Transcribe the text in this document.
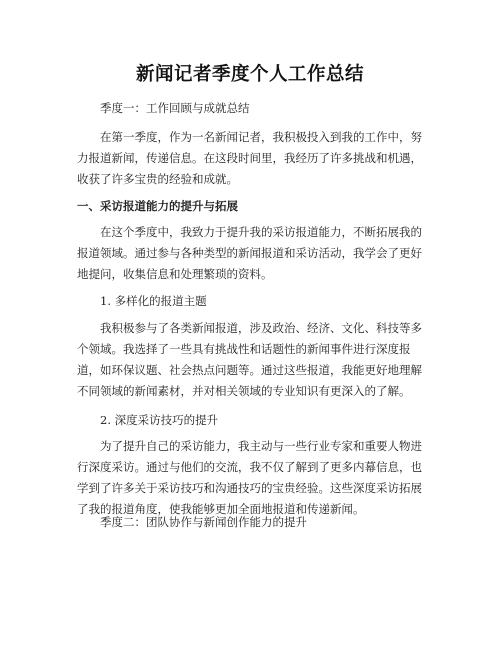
新闻记者季度个人工作总结

季度一：工作回顾与成就总结

在第一季度，作为一名新闻记者，我积极投入到我的工作中，努力报道新闻，传递信息。在这段时间里，我经历了许多挑战和机遇，收获了许多宝贵的经验和成就。

一、采访报道能力的提升与拓展

在这个季度中，我致力于提升我的采访报道能力，不断拓展我的报道领域。通过参与各种类型的新闻报道和采访活动，我学会了更好地提问，收集信息和处理繁琐的资料。

1. 多样化的报道主题

我积极参与了各类新闻报道，涉及政治、经济、文化、科技等多个领域。我选择了一些具有挑战性和话题性的新闻事件进行深度报道，如环保议题、社会热点问题等。通过这些报道，我能更好地理解不同领域的新闻素材，并对相关领域的专业知识有更深入的了解。

2. 深度采访技巧的提升

为了提升自己的采访能力，我主动与一些行业专家和重要人物进行深度采访。通过与他们的交流，我不仅了解到了更多内幕信息，也学到了许多关于采访技巧和沟通技巧的宝贵经验。这些深度采访拓展了我的报道角度，使我能够更加全面地报道和传递新闻。

季度二：团队协作与新闻创作能力的提升
